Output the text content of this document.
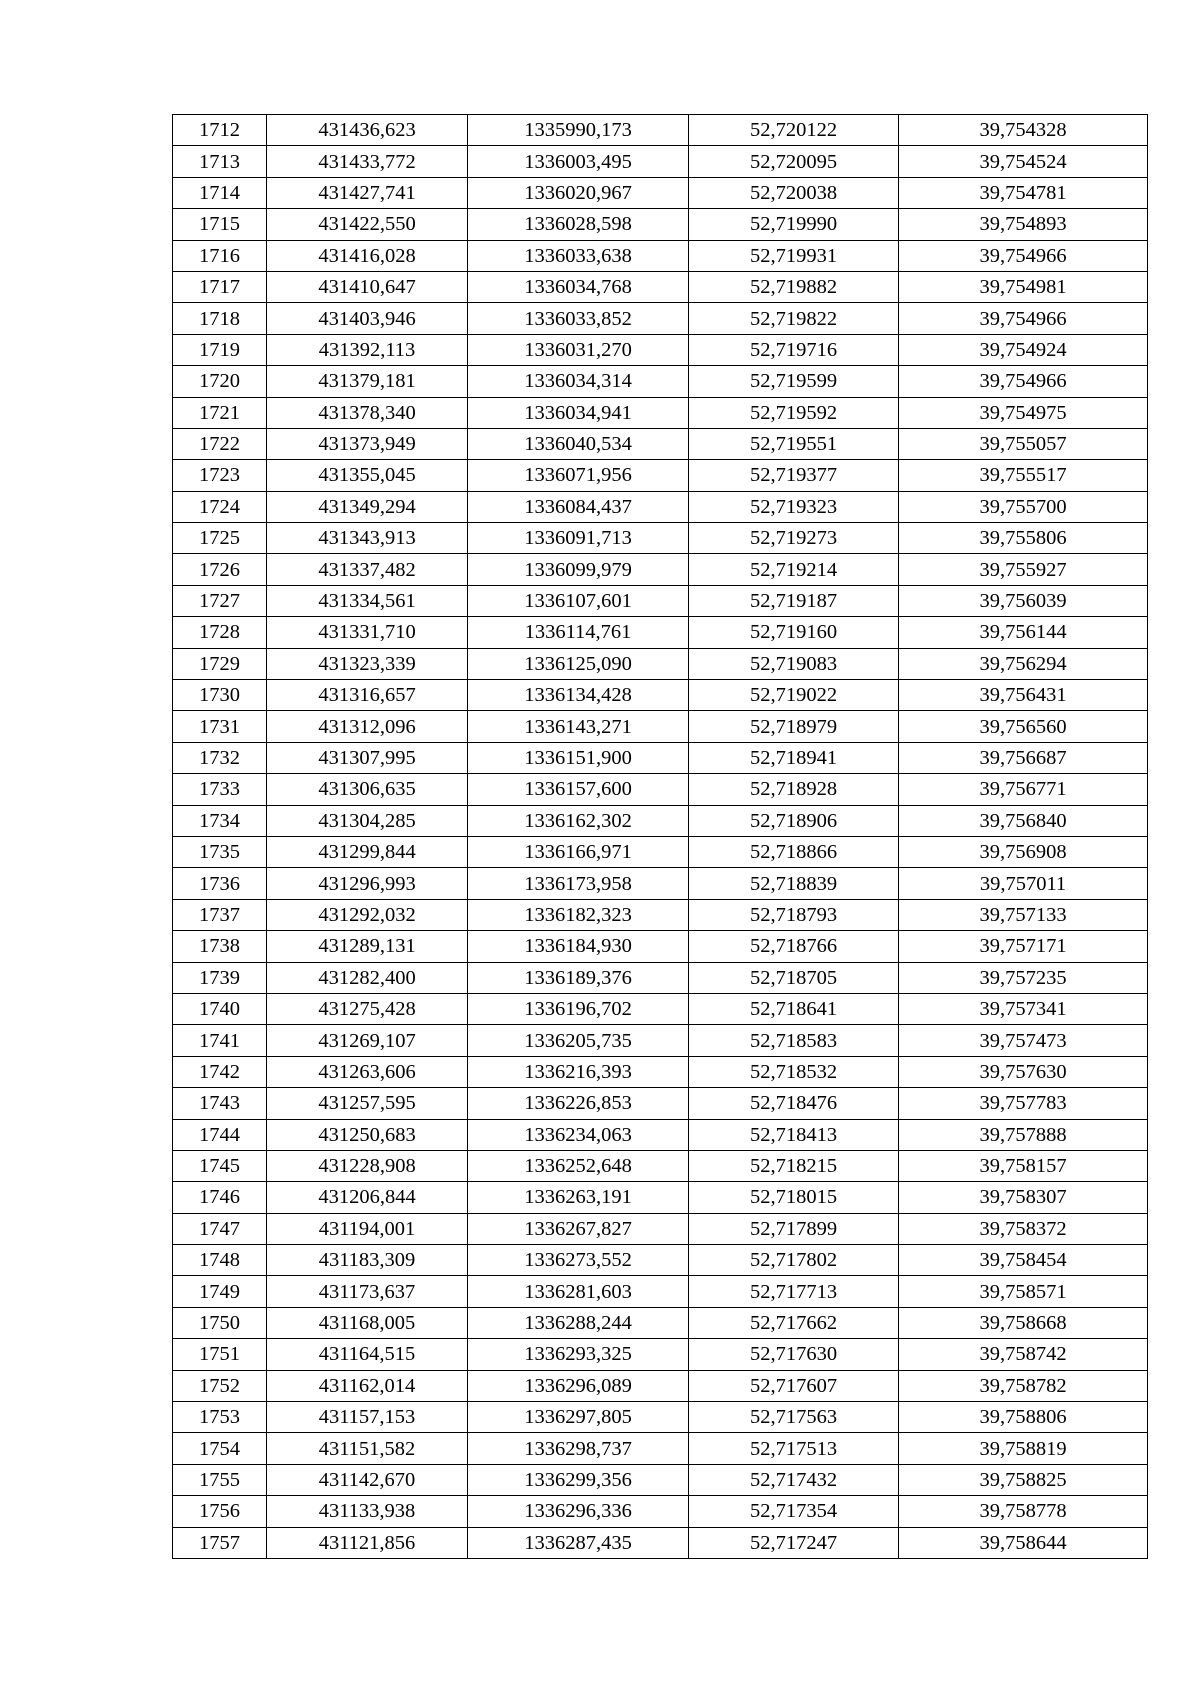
1712	431436,623	1335990,173	52,720122	39,754328
1713	431433,772	1336003,495	52,720095	39,754524
1714	431427,741	1336020,967	52,720038	39,754781
1715	431422,550	1336028,598	52,719990	39,754893
1716	431416,028	1336033,638	52,719931	39,754966
1717	431410,647	1336034,768	52,719882	39,754981
1718	431403,946	1336033,852	52,719822	39,754966
1719	431392,113	1336031,270	52,719716	39,754924
1720	431379,181	1336034,314	52,719599	39,754966
1721	431378,340	1336034,941	52,719592	39,754975
1722	431373,949	1336040,534	52,719551	39,755057
1723	431355,045	1336071,956	52,719377	39,755517
1724	431349,294	1336084,437	52,719323	39,755700
1725	431343,913	1336091,713	52,719273	39,755806
1726	431337,482	1336099,979	52,719214	39,755927
1727	431334,561	1336107,601	52,719187	39,756039
1728	431331,710	1336114,761	52,719160	39,756144
1729	431323,339	1336125,090	52,719083	39,756294
1730	431316,657	1336134,428	52,719022	39,756431
1731	431312,096	1336143,271	52,718979	39,756560
1732	431307,995	1336151,900	52,718941	39,756687
1733	431306,635	1336157,600	52,718928	39,756771
1734	431304,285	1336162,302	52,718906	39,756840
1735	431299,844	1336166,971	52,718866	39,756908
1736	431296,993	1336173,958	52,718839	39,757011
1737	431292,032	1336182,323	52,718793	39,757133
1738	431289,131	1336184,930	52,718766	39,757171
1739	431282,400	1336189,376	52,718705	39,757235
1740	431275,428	1336196,702	52,718641	39,757341
1741	431269,107	1336205,735	52,718583	39,757473
1742	431263,606	1336216,393	52,718532	39,757630
1743	431257,595	1336226,853	52,718476	39,757783
1744	431250,683	1336234,063	52,718413	39,757888
1745	431228,908	1336252,648	52,718215	39,758157
1746	431206,844	1336263,191	52,718015	39,758307
1747	431194,001	1336267,827	52,717899	39,758372
1748	431183,309	1336273,552	52,717802	39,758454
1749	431173,637	1336281,603	52,717713	39,758571
1750	431168,005	1336288,244	52,717662	39,758668
1751	431164,515	1336293,325	52,717630	39,758742
1752	431162,014	1336296,089	52,717607	39,758782
1753	431157,153	1336297,805	52,717563	39,758806
1754	431151,582	1336298,737	52,717513	39,758819
1755	431142,670	1336299,356	52,717432	39,758825
1756	431133,938	1336296,336	52,717354	39,758778
1757	431121,856	1336287,435	52,717247	39,758644
